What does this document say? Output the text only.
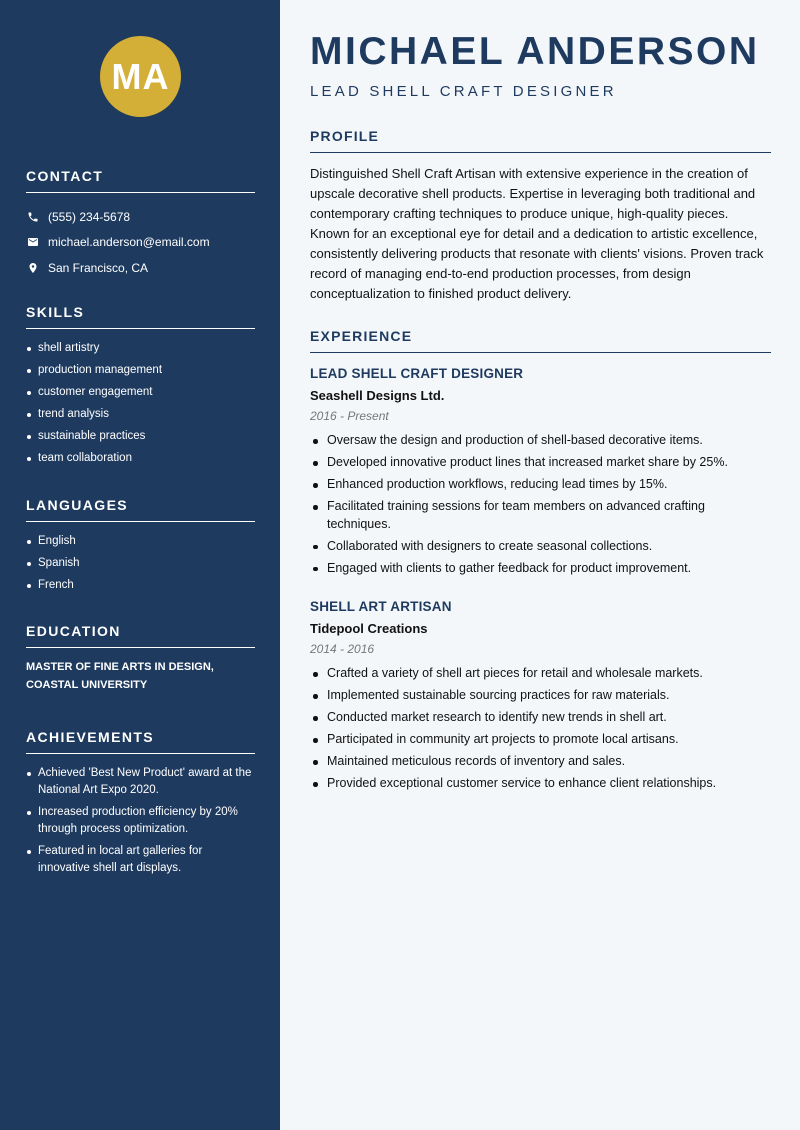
MA
CONTACT
(555) 234-5678
michael.anderson@email.com
San Francisco, CA
SKILLS
shell artistry
production management
customer engagement
trend analysis
sustainable practices
team collaboration
LANGUAGES
English
Spanish
French
EDUCATION
MASTER OF FINE ARTS IN DESIGN, COASTAL UNIVERSITY
ACHIEVEMENTS
Achieved 'Best New Product' award at the National Art Expo 2020.
Increased production efficiency by 20% through process optimization.
Featured in local art galleries for innovative shell art displays.
MICHAEL ANDERSON
LEAD SHELL CRAFT DESIGNER
PROFILE
Distinguished Shell Craft Artisan with extensive experience in the creation of upscale decorative shell products. Expertise in leveraging both traditional and contemporary crafting techniques to produce unique, high-quality pieces. Known for an exceptional eye for detail and a dedication to artistic excellence, consistently delivering products that resonate with clients' visions. Proven track record of managing end-to-end production processes, from design conceptualization to finished product delivery.
EXPERIENCE
LEAD SHELL CRAFT DESIGNER
Seashell Designs Ltd.
2016 - Present
Oversaw the design and production of shell-based decorative items.
Developed innovative product lines that increased market share by 25%.
Enhanced production workflows, reducing lead times by 15%.
Facilitated training sessions for team members on advanced crafting techniques.
Collaborated with designers to create seasonal collections.
Engaged with clients to gather feedback for product improvement.
SHELL ART ARTISAN
Tidepool Creations
2014 - 2016
Crafted a variety of shell art pieces for retail and wholesale markets.
Implemented sustainable sourcing practices for raw materials.
Conducted market research to identify new trends in shell art.
Participated in community art projects to promote local artisans.
Maintained meticulous records of inventory and sales.
Provided exceptional customer service to enhance client relationships.
